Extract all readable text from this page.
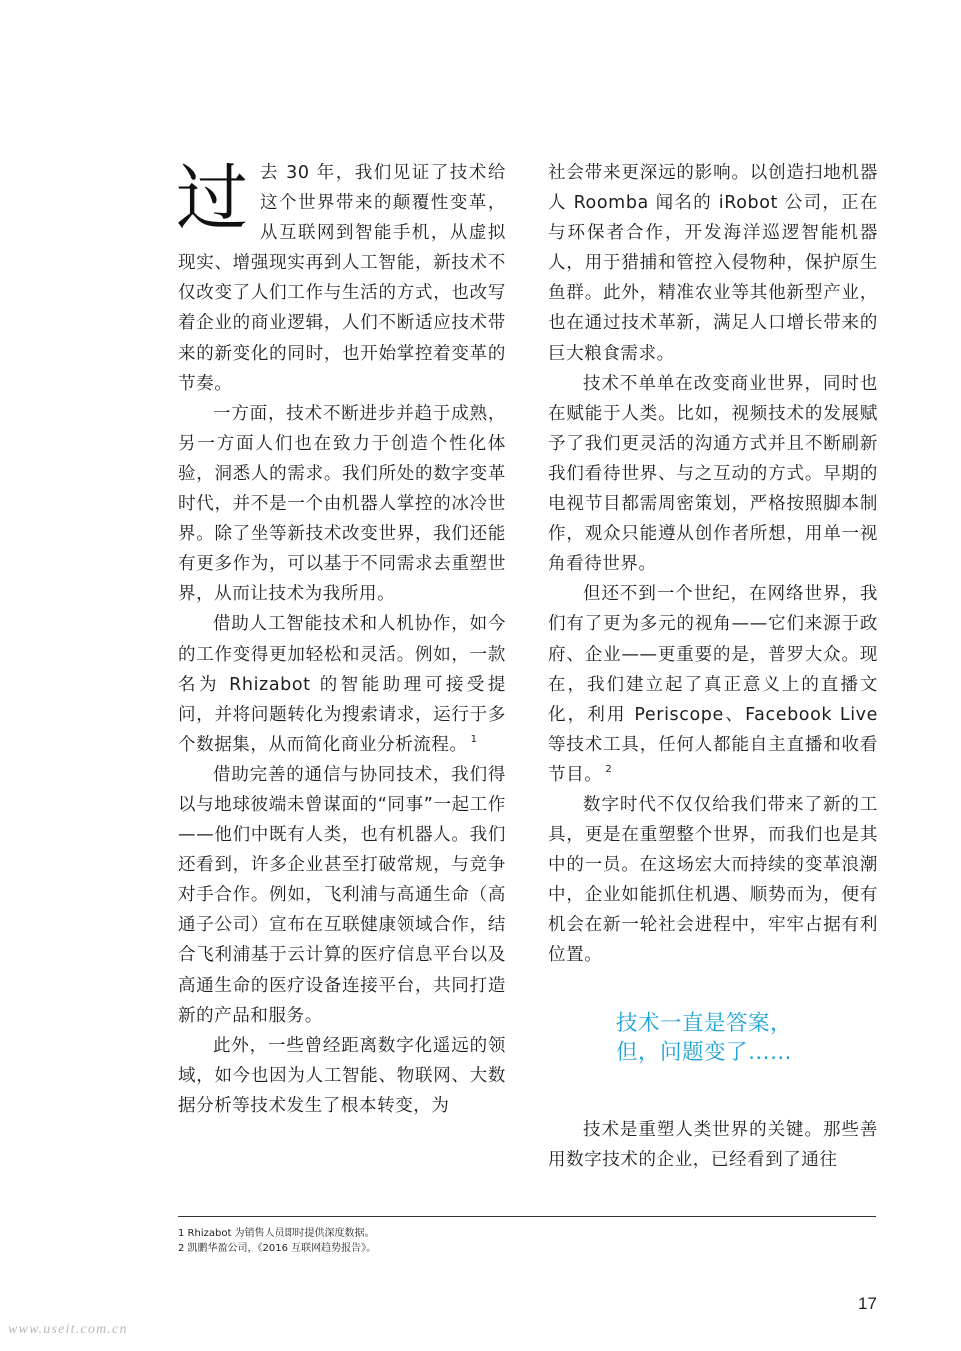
过去 30 年，我们见证了技术给这个世界带来的颠覆性变革，从互联网到智能手机，从虚拟现实、增强现实再到人工智能，新技术不仅改变了人们工作与生活的方式，也改写着企业的商业逻辑，人们不断适应技术带来的新变化的同时，也开始掌控着变革的节奏。

一方面，技术不断进步并趋于成熟，另一方面人们也在致力于创造个性化体验，洞悉人的需求。我们所处的数字变革时代，并不是一个由机器人掌控的冰冷世界。除了坐等新技术改变世界，我们还能有更多作为，可以基于不同需求去重塑世界，从而让技术为我所用。

借助人工智能技术和人机协作，如今的工作变得更加轻松和灵活。例如，一款名为 Rhizabot 的智能助理可接受提问，并将问题转化为搜索请求，运行于多个数据集，从而简化商业分析流程。 $^1$

借助完善的通信与协同技术，我们得以与地球彼端未曾谋面的“同事”一起工作——他们中既有人类，也有机器人。我们还看到，许多企业甚至打破常规，与竞争对手合作。例如，飞利浦与高通生命（高通子公司）宣布在互联健康领域合作，结合飞利浦基于云计算的医疗信息平台以及高通生命的医疗设备连接平台，共同打造新的产品和服务。

此外，一些曾经距离数字化遥远的领域，如今也因为人工智能、物联网、大数据分析等技术发生了根本转变，为

社会带来更深远的影响。以创造扫地机器人 Roomba 闻名的 iRobot 公司，正在与环保者合作，开发海洋巡逻智能机器人，用于猎捕和管控入侵物种，保护原生鱼群。此外，精准农业等其他新型产业，也在通过技术革新，满足人口增长带来的巨大粮食需求。

技术不单单在改变商业世界，同时也在赋能于人类。比如，视频技术的发展赋予了我们更灵活的沟通方式并且不断刷新我们看待世界、与之互动的方式。早期的电视节目都需周密策划，严格按照脚本制作，观众只能遵从创作者所想，用单一视角看待世界。

但还不到一个世纪，在网络世界，我们有了更为多元的视角——它们来源于政府、企业——更重要的是，普罗大众。现在，我们建立起了真正意义上的直播文化，利用 Periscope、Facebook Live 等技术工具，任何人都能自主直播和收看节目。 $^2$

数字时代不仅仅给我们带来了新的工具，更是在重塑整个世界，而我们也是其中的一员。在这场宏大而持续的变革浪潮中，企业如能抓住机遇、顺势而为，便有机会在新一轮社会进程中，牢牢占据有利位置。

技术一直是答案，
但，问题变了……

技术是重塑人类世界的关键。那些善用数字技术的企业，已经看到了通往

1 Rhizabot 为销售人员即时提供深度数据。
2 凯鹏华盈公司，《2016 互联网趋势报告》。
17
www.useit.com.cn
